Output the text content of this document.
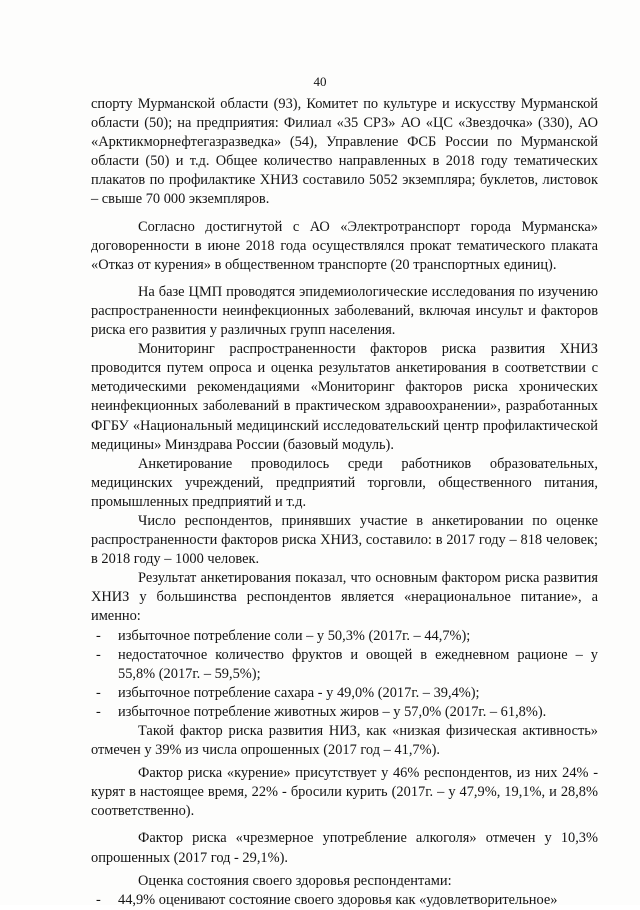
40

спорту Мурманской области (93), Комитет по культуре и искусству Мурманской области (50); на предприятия: Филиал «35 СРЗ» АО «ЦС «Звездочка» (330), АО «Арктикморнефтегазразведка» (54), Управление ФСБ России по Мурманской области (50) и т.д. Общее количество направленных в 2018 году тематических плакатов по профилактике ХНИЗ составило 5052 экземпляра; буклетов, листовок – свыше 70 000 экземпляров.

Согласно достигнутой с АО «Электротранспорт города Мурманска» договоренности в июне 2018 года осуществлялся прокат тематического плаката «Отказ от курения» в общественном транспорте (20 транспортных единиц).

На базе ЦМП проводятся эпидемиологические исследования по изучению распространенности неинфекционных заболеваний, включая инсульт и факторов риска его развития у различных групп населения.

Мониторинг распространенности факторов риска развития ХНИЗ проводится путем опроса и оценка результатов анкетирования в соответствии с методическими рекомендациями «Мониторинг факторов риска хронических неинфекционных заболеваний в практическом здравоохранении», разработанных ФГБУ «Национальный медицинский исследовательский центр профилактической медицины» Минздрава России (базовый модуль).

Анкетирование проводилось среди работников образовательных, медицинских учреждений, предприятий торговли, общественного питания, промышленных предприятий и т.д.

Число респондентов, принявших участие в анкетировании по оценке распространенности факторов риска ХНИЗ, составило: в 2017 году – 818 человек; в 2018 году – 1000 человек.

Результат анкетирования показал, что основным фактором риска развития ХНИЗ у большинства респондентов является «нерациональное питание», а именно:

- избыточное потребление соли – у 50,3% (2017г. – 44,7%);
- недостаточное количество фруктов и овощей в ежедневном рационе – у 55,8% (2017г. – 59,5%);
- избыточное потребление сахара - у 49,0% (2017г. – 39,4%);
- избыточное потребление животных жиров – у 57,0% (2017г. – 61,8%).

Такой фактор риска развития НИЗ, как «низкая физическая активность» отмечен у 39% из числа опрошенных (2017 год – 41,7%).

Фактор риска «курение» присутствует у 46% респондентов, из них 24% - курят в настоящее время, 22% - бросили курить (2017г. – у 47,9%, 19,1%, и 28,8% соответственно).

Фактор риска «чрезмерное употребление алкоголя» отмечен у 10,3% опрошенных (2017 год - 29,1%).

Оценка состояния своего здоровья респондентами:

- 44,9% оценивают состояние своего здоровья как «удовлетворительное»
